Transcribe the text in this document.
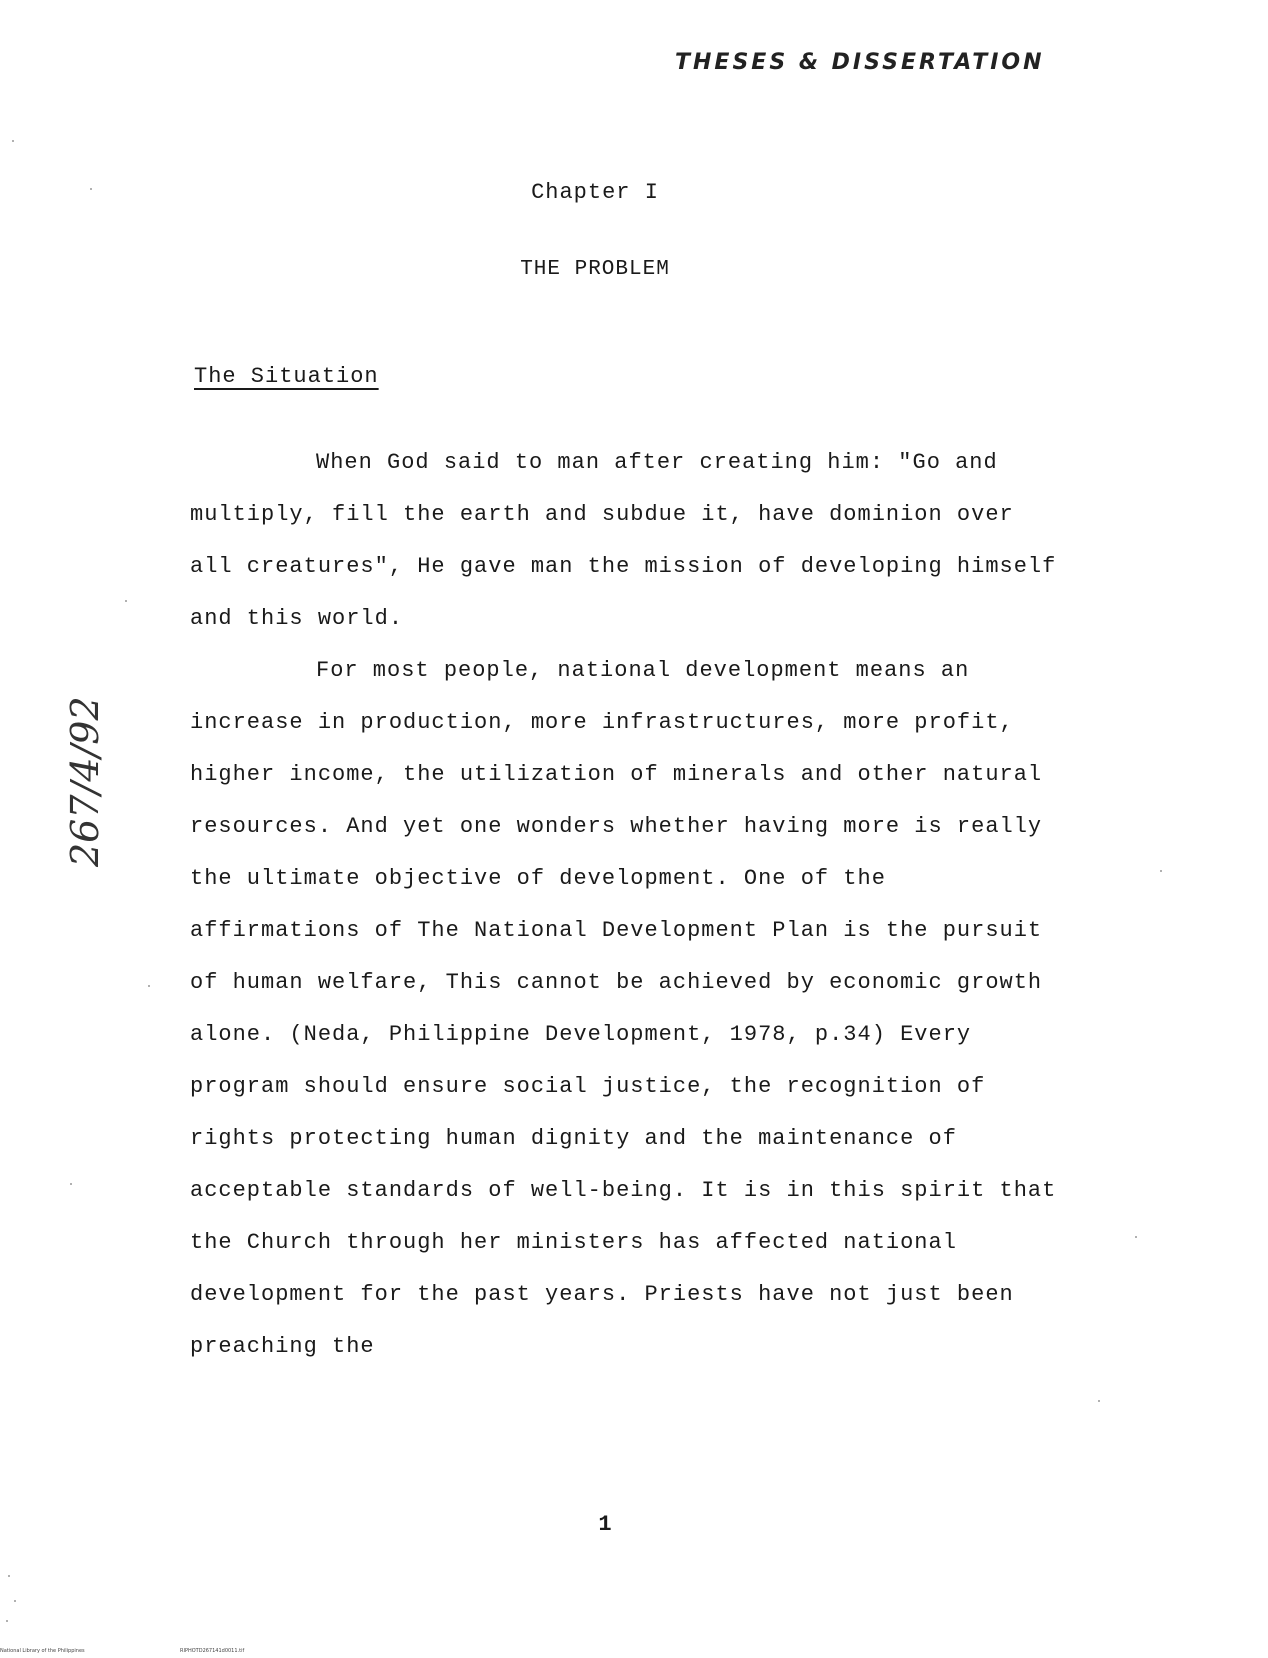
THESES & DISSERTATION
Chapter I
THE PROBLEM
The Situation

When God said to man after creating him: "Go and multiply, fill the earth and subdue it, have dominion over all creatures", He gave man the mission of developing himself and this world.

For most people, national development means an increase in production, more infrastructures, more profit, higher income, the utilization of minerals and other natural resources. And yet one wonders whether having more is really the ultimate objective of development. One of the affirmations of The National Development Plan is the pursuit of human welfare, This cannot be achieved by economic growth alone. (Neda, Philippine Development, 1978, p.34) Every program should ensure social justice, the recognition of rights protecting human dignity and the maintenance of acceptable standards of well-being. It is in this spirit that the Church through her ministers has affected national development for the past years. Priests have not just been preaching the

267/4/92
1
National Library of the Philippines	RIPHOTD267141d0011.tif
